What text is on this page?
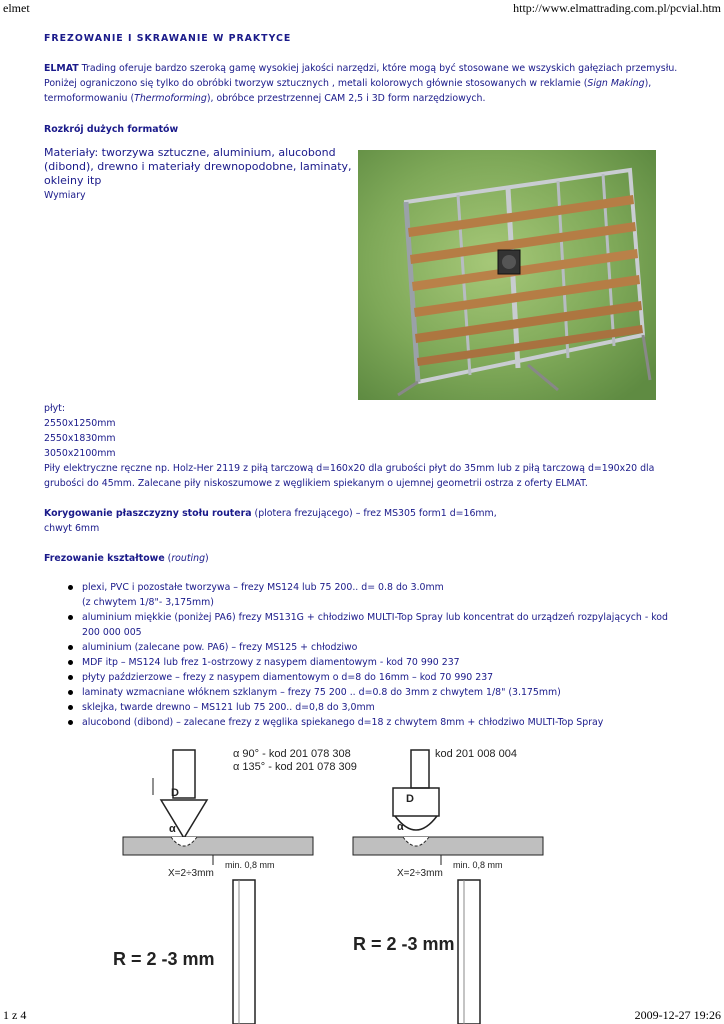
elmet	http://www.elmattrading.com.pl/pcvial.htm
FREZOWANIE I SKRAWANIE W PRAKTYCE

ELMAT Trading oferuje bardzo szeroką gamę wysokiej jakości narzędzi, które mogą być stosowane we wszyskich gałęziach przemysłu.
Poniżej ograniczono się tylko do obróbki tworzyw sztucznych , metali kolorowych głównie stosowanych w reklamie (Sign Making),
termoformowaniu (Thermoforming), obróbce przestrzennej CAM 2,5 i 3D form narzędziowych.

Rozkrój dużych formatów

Materiały: tworzywa sztuczne, aluminium, alucobond
(dibond), drewno i materiały drewnopodobne, laminaty,
okleiny itp

Wymiary

płyt:

2550x1250mm

2550x1830mm

3050x2100mm

Piły elektryczne ręczne np. Holz-Her 2119 z piłą tarczową d=160x20 dla grubości płyt do 35mm lub z piłą tarczową d=190x20 dla
grubości do 45mm. Zalecane piły niskoszumowe z węglikiem spiekanym o ujemnej geometrii ostrza z oferty ELMAT.

Korygowanie płaszczyzny stołu routera (plotera frezującego) – frez MS305 form1 d=16mm,
chwyt 6mm

Frezowanie kształtowe (routing)

plexi, PVC i pozostałe tworzywa – frezy MS124 lub 75 200.. d= 0.8 do 3.0mm
(z chwytem 1/8"- 3,175mm)
aluminium miękkie (poniżej PA6) frezy MS131G + chłodziwo MULTI-Top Spray lub koncentrat do urządzeń rozpylających - kod
200 000 005
aluminium (zalecane pow. PA6) – frezy MS125 + chłodziwo
MDF itp – MS124 lub frez 1-ostrzowy z nasypem diamentowym - kod 70 990 237
płyty paździerzowe – frezy z nasypem diamentowym o d=8 do 16mm – kod 70 990 237
laminaty wzmacniane włóknem szklanym – frezy 75 200 .. d=0.8 do 3mm z chwytem 1/8" (3.175mm)
sklejka, twarde drewno – MS121 lub 75 200.. d=0,8 do 3,0mm
alucobond (dibond) – zalecane frezy z węglika spiekanego d=18 z chwytem 8mm + chłodziwo MULTI-Top Spray
D
α 90° - kod 201 078 308
α 135° - kod 201 078 309
α
X=2÷3mm
min. 0,8 mm
R = 2 -3 mm
D
kod 201 008 004
α
X=2÷3mm
min. 0,8 mm
R = 2 -3 mm
1 z 4	2009-12-27 19:26
